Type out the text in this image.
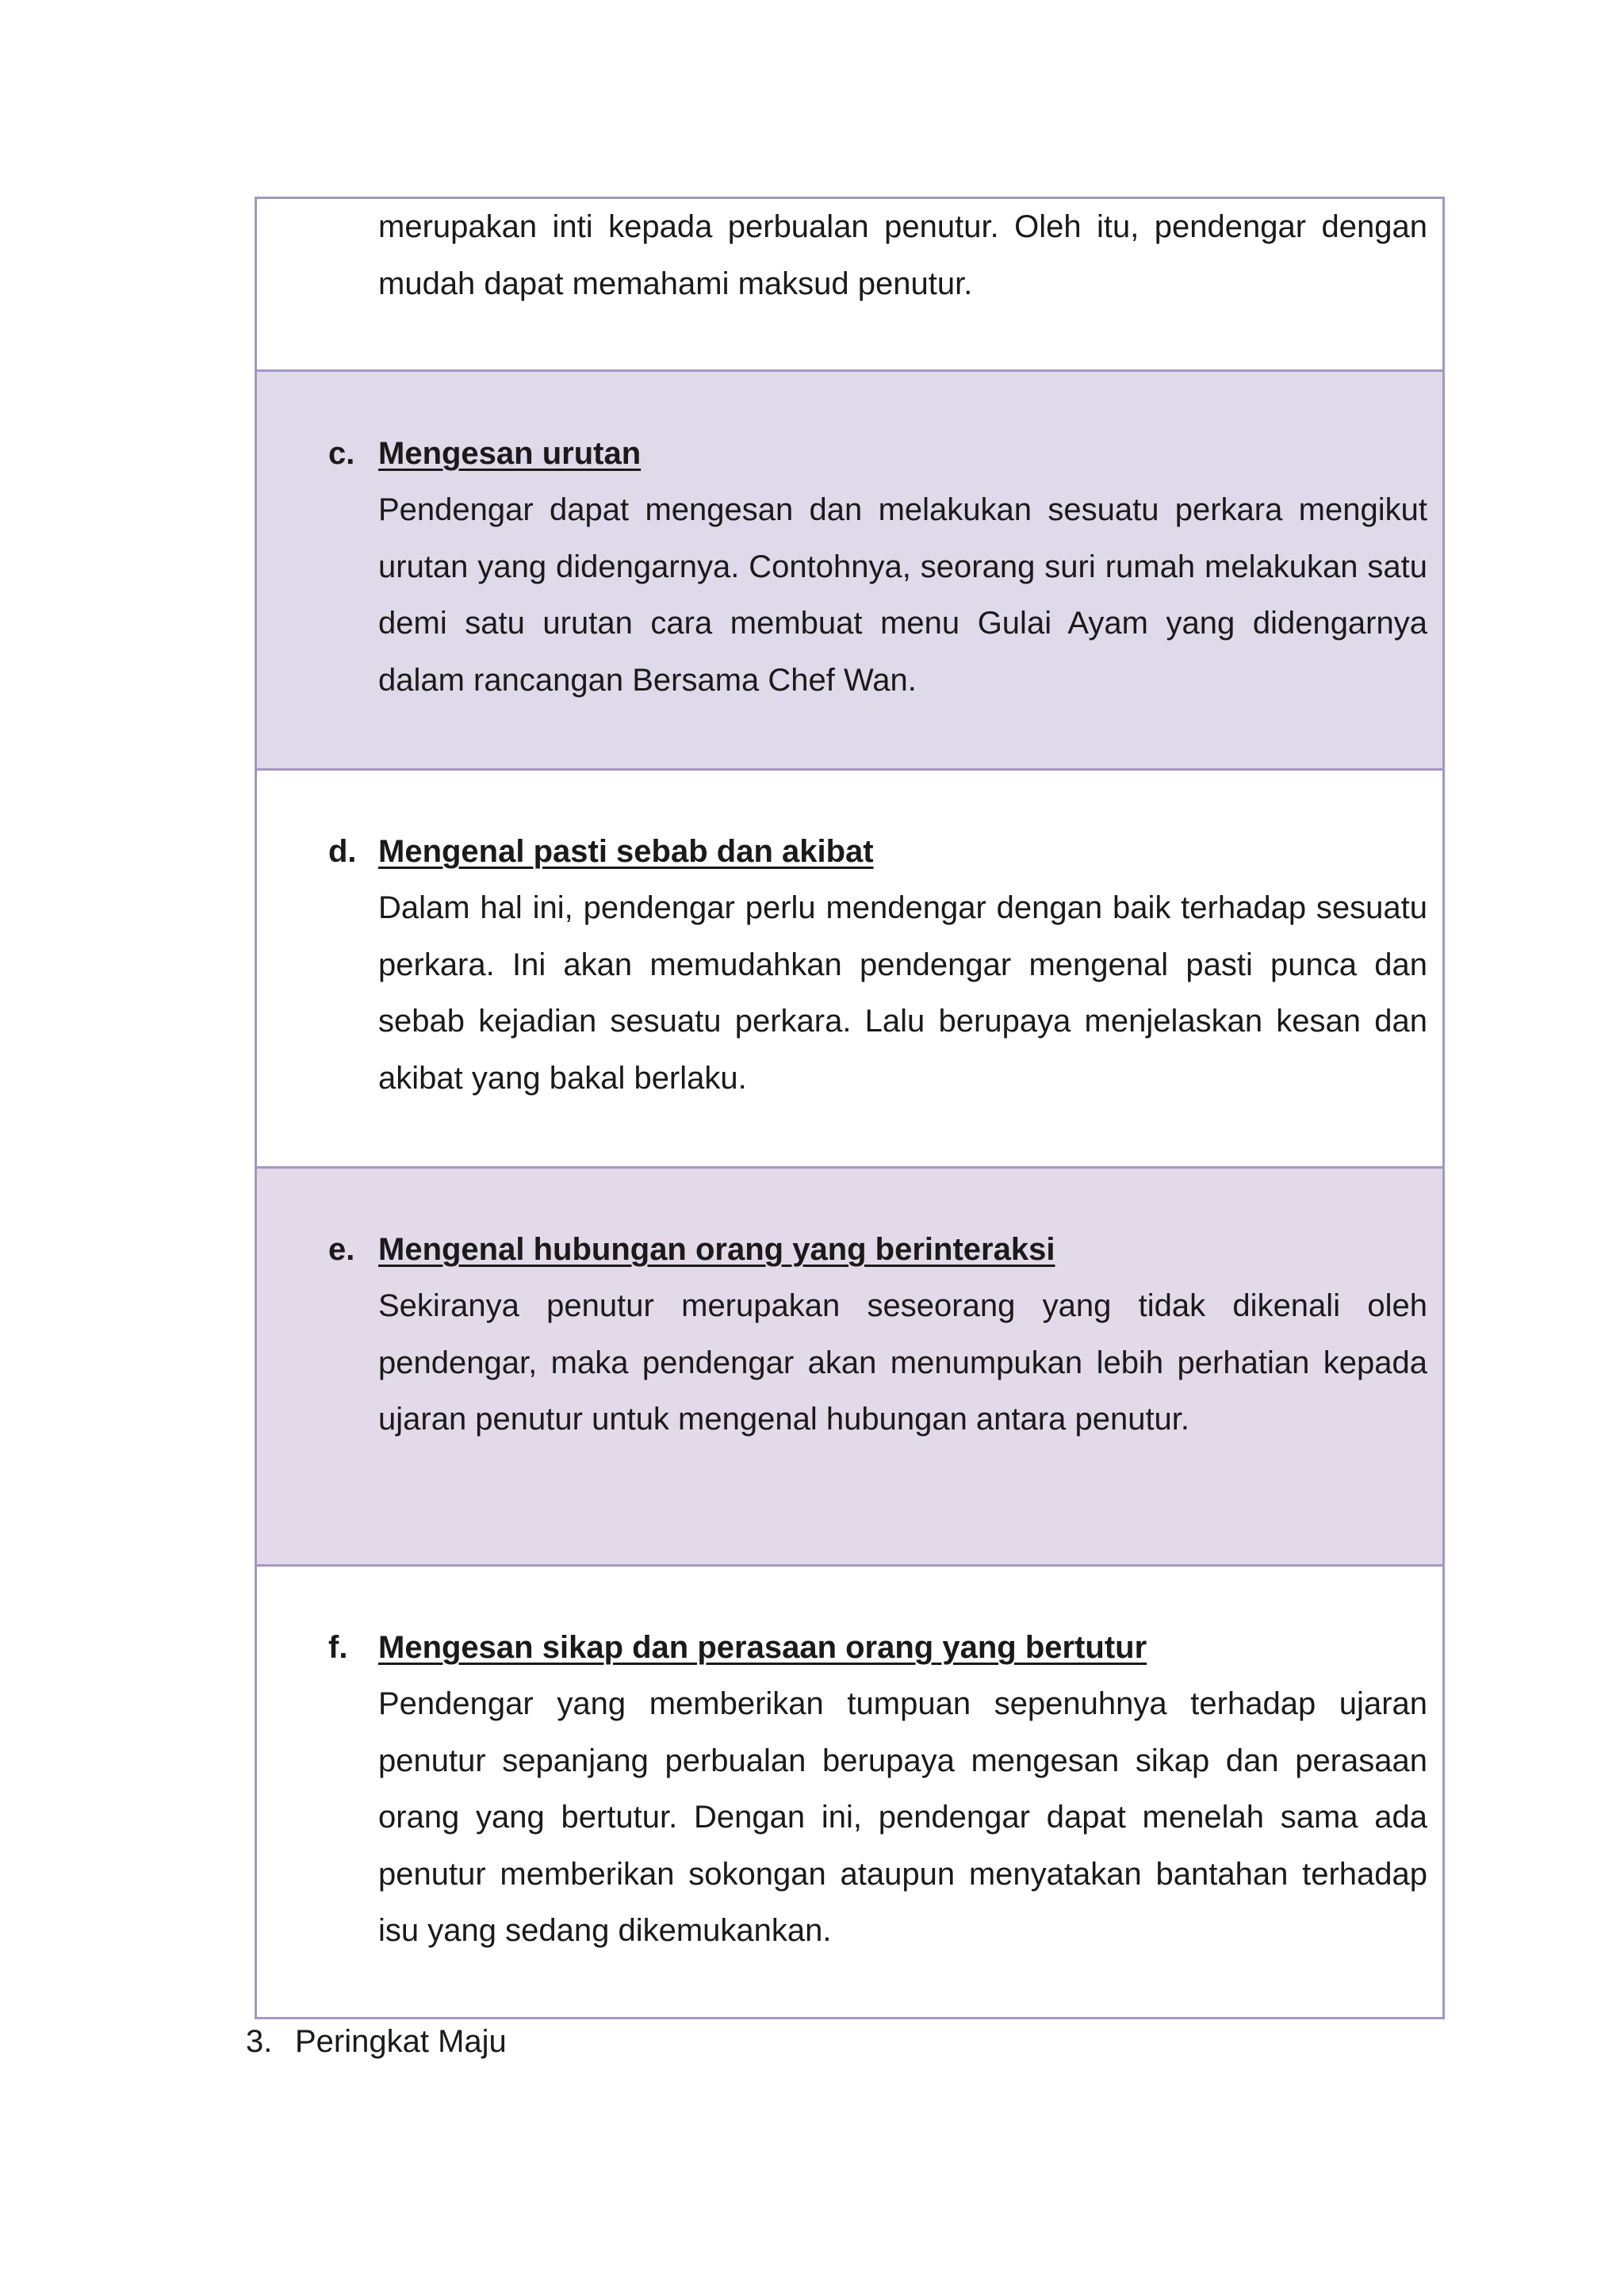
merupakan inti kepada perbualan penutur. Oleh itu, pendengar dengan mudah dapat memahami maksud penutur.

c. Mengesan urutan

Pendengar dapat mengesan dan melakukan sesuatu perkara mengikut urutan yang didengarnya. Contohnya, seorang suri rumah melakukan satu demi satu urutan cara membuat menu Gulai Ayam yang didengarnya dalam rancangan Bersama Chef Wan.

d. Mengenal pasti sebab dan akibat

Dalam hal ini, pendengar perlu mendengar dengan baik terhadap sesuatu perkara. Ini akan memudahkan pendengar mengenal pasti punca dan sebab kejadian sesuatu perkara. Lalu berupaya menjelaskan kesan dan akibat yang bakal berlaku.

e. Mengenal hubungan orang yang berinteraksi

Sekiranya penutur merupakan seseorang yang tidak dikenali oleh pendengar, maka pendengar akan menumpukan lebih perhatian kepada ujaran penutur untuk mengenal hubungan antara penutur.

f. Mengesan sikap dan perasaan orang yang bertutur

Pendengar yang memberikan tumpuan sepenuhnya terhadap ujaran penutur sepanjang perbualan berupaya mengesan sikap dan perasaan orang yang bertutur. Dengan ini, pendengar dapat menelah sama ada penutur memberikan sokongan ataupun menyatakan bantahan terhadap isu yang sedang dikemukankan.

3. Peringkat Maju
